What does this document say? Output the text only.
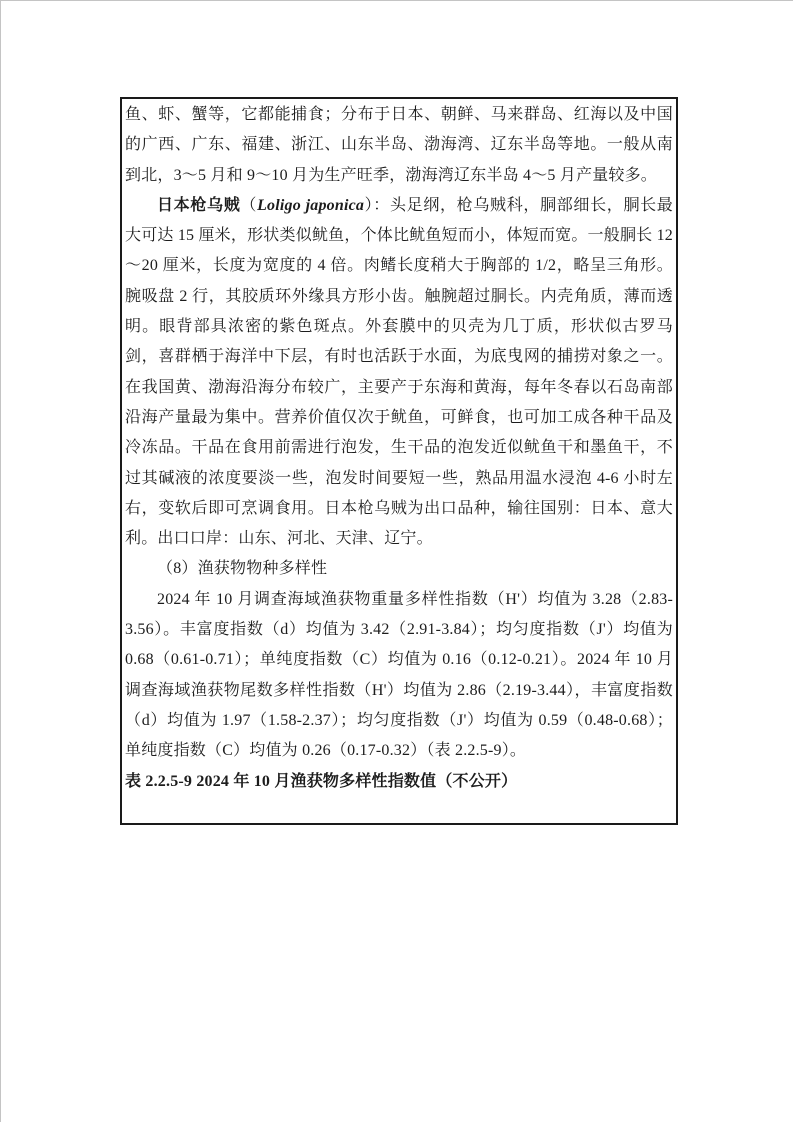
鱼、虾、蟹等，它都能捕食；分布于日本、朝鲜、马来群岛、红海以及中国的广西、广东、福建、浙江、山东半岛、渤海湾、辽东半岛等地。一般从南到北，3～5 月和 9～10 月为生产旺季，渤海湾辽东半岛 4～5 月产量较多。

日本枪乌贼（Loligo japonica）：头足纲，枪乌贼科，胴部细长，胴长最大可达 15 厘米，形状类似鱿鱼，个体比鱿鱼短而小，体短而宽。一般胴长 12～20 厘米，长度为宽度的 4 倍。肉鳍长度稍大于胸部的 1/2，略呈三角形。腕吸盘 2 行，其胶质环外缘具方形小齿。触腕超过胴长。内壳角质，薄而透明。眼背部具浓密的紫色斑点。外套膜中的贝壳为几丁质，形状似古罗马剑，喜群栖于海洋中下层，有时也活跃于水面，为底曳网的捕捞对象之一。在我国黄、渤海沿海分布较广，主要产于东海和黄海，每年冬春以石岛南部沿海产量最为集中。营养价值仅次于鱿鱼，可鲜食，也可加工成各种干品及冷冻品。干品在食用前需进行泡发，生干品的泡发近似鱿鱼干和墨鱼干，不过其碱液的浓度要淡一些，泡发时间要短一些，熟品用温水浸泡 4-6 小时左右，变软后即可烹调食用。日本枪乌贼为出口品种，输往国别：日本、意大利。出口口岸：山东、河北、天津、辽宁。

（8）渔获物物种多样性

2024 年 10 月调查海域渔获物重量多样性指数（H'）均值为 3.28（2.83-3.56）。丰富度指数（d）均值为 3.42（2.91-3.84）；均匀度指数（J'）均值为 0.68（0.61-0.71）；单纯度指数（C）均值为 0.16（0.12-0.21）。2024 年 10 月调查海域渔获物尾数多样性指数（H'）均值为 2.86（2.19-3.44），丰富度指数（d）均值为 1.97（1.58-2.37）；均匀度指数（J'）均值为 0.59（0.48-0.68）；单纯度指数（C）均值为 0.26（0.17-0.32）（表 2.2.5-9）。

表 2.2.5-9 2024 年 10 月渔获物多样性指数值（不公开）
